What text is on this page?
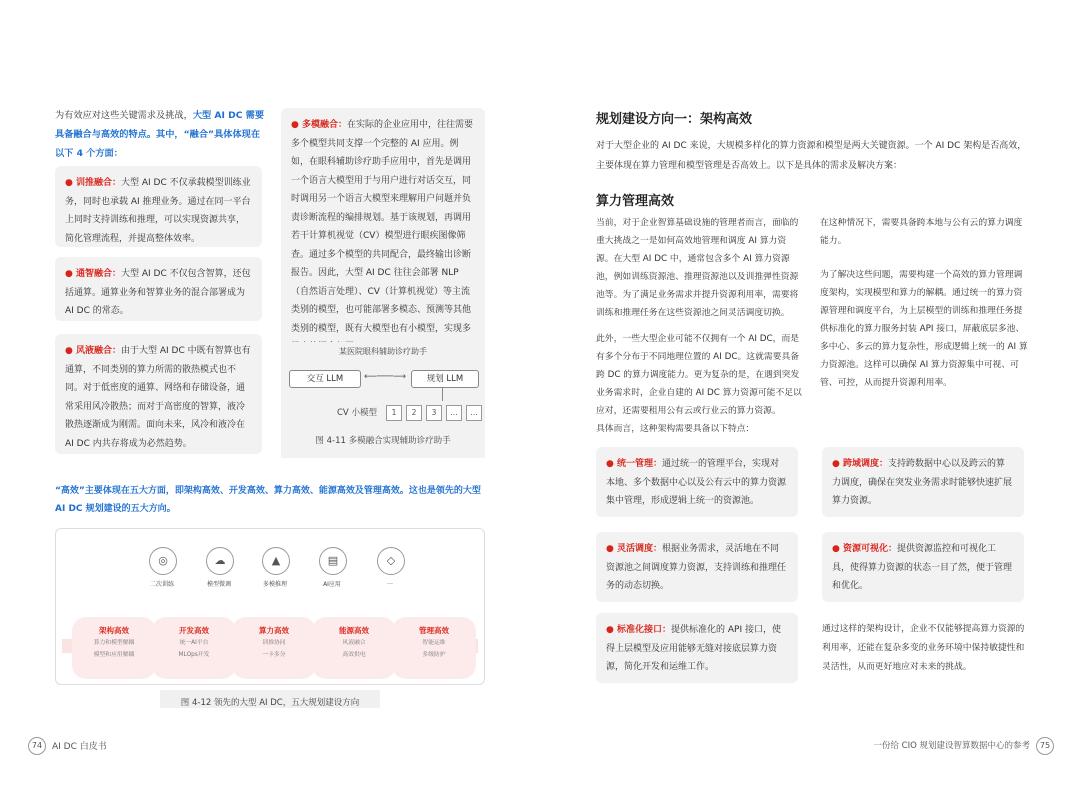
为有效应对这些关键需求及挑战，大型 AI DC 需要具备融合与高效的特点。其中，“融合”具体体现在以下 4 个方面：
● 训推融合：大型 AI DC 不仅承载模型训练业务，同时也承载 AI 推理业务。通过在同一平台上同时支持训练和推理，可以实现资源共享，简化管理流程，并提高整体效率。
● 通智融合：大型 AI DC 不仅包含智算，还包括通算。通算业务和智算业务的混合部署成为 AI DC 的常态。
● 风液融合：由于大型 AI DC 中既有智算也有通算，不同类别的算力所需的散热模式也不同。对于低密度的通算、网络和存储设备，通常采用风冷散热；而对于高密度的智算，液冷散热逐渐成为刚需。面向未来，风冷和液冷在 AI DC 内共存将成为必然趋势。
● 多模融合：在实际的企业应用中，往往需要多个模型共同支撑一个完整的 AI 应用。例如，在眼科辅助诊疗助手应用中，首先是调用一个语言大模型用于与用户进行对话交互，同时调用另一个语言大模型来理解用户问题并负责诊断流程的编排规划。基于该规划，再调用若干计算机视觉（CV）模型进行眼疾图像筛查。通过多个模型的共同配合，最终输出诊断报告。因此，大型 AI DC 往往会部署 NLP（自然语言处理）、CV（计算机视觉）等主流类别的模型，也可能部署多模态、预测等其他类别的模型，既有大模型也有小模型，实现多
某医院眼科辅助诊疗助手
交互 LLM	⟵───⟶	规划 LLM
CV 小模型	1	2	3	…	…
图 4-11 多模融合实现辅助诊疗助手
“高效”主要体现在五大方面，即架构高效、开发高效、算力高效、能源高效及管理高效。这也是领先的大型 AI DC 规划建设的五大方向。
◎
二次训练
☁
模型微调
▲
多模推理
▤
AI应用
◇
…
架构高效
算力和模型解耦
模型和应用解耦
开发高效
统一AI平台
MLOps开发
算力高效
训推协同
一卡多分
能源高效
风液融合
高效供电
管理高效
智能运维
多级防护
图 4-12 领先的大型 AI DC，五大规划建设方向
74	AI DC 白皮书
规划建设方向一：架构高效
对于大型企业的 AI DC 来说，大规模多样化的算力资源和模型是两大关键资源。一个 AI DC 架构是否高效，主要体现在算力管理和模型管理是否高效上。以下是具体的需求及解决方案：
算力管理高效
当前，对于企业智算基础设施的管理者而言，面临的重大挑战之一是如何高效地管理和调度 AI 算力资源。在大型 AI DC 中，通常包含多个 AI 算力资源池，例如训练资源池、推理资源池以及训推弹性资源池等。为了满足业务需求并提升资源利用率，需要将训练和推理任务在这些资源池之间灵活调度切换。
此外，一些大型企业可能不仅拥有一个 AI DC，而是有多个分布于不同地理位置的 AI DC。这就需要具备跨 DC 的算力调度能力。更为复杂的是，在遇到突发业务需求时，企业自建的 AI DC 算力资源可能不足以应对，还需要租用公有云或行业云的算力资源。
具体而言，这种架构需要具备以下特点：
在这种情况下，需要具备跨本地与公有云的算力调度能力。
为了解决这些问题，需要构建一个高效的算力管理调度架构，实现模型和算力的解耦。通过统一的算力资源管理和调度平台，为上层模型的训练和推理任务提供标准化的算力服务封装 API 接口，屏蔽底层多池、多中心、多云的算力复杂性，形成逻辑上统一的 AI 算力资源池。这样可以确保 AI 算力资源集中可视、可管、可控，从而提升资源利用率。
● 统一管理：通过统一的管理平台，实现对本地、多个数据中心以及公有云中的算力资源集中管理，形成逻辑上统一的资源池。
● 跨域调度：支持跨数据中心以及跨云的算力调度，确保在突发业务需求时能够快速扩展算力资源。
● 灵活调度：根据业务需求，灵活地在不同资源池之间调度算力资源，支持训练和推理任务的动态切换。
● 资源可视化：提供资源监控和可视化工具，使得算力资源的状态一目了然，便于管理和优化。
● 标准化接口：提供标准化的 API 接口，使得上层模型及应用能够无缝对接底层算力资源，简化开发和运维工作。
通过这样的架构设计，企业不仅能够提高算力资源的利用率，还能在复杂多变的业务环境中保持敏捷性和灵活性，从而更好地应对未来的挑战。
一份给 CIO 规划建设智算数据中心的参考	75
